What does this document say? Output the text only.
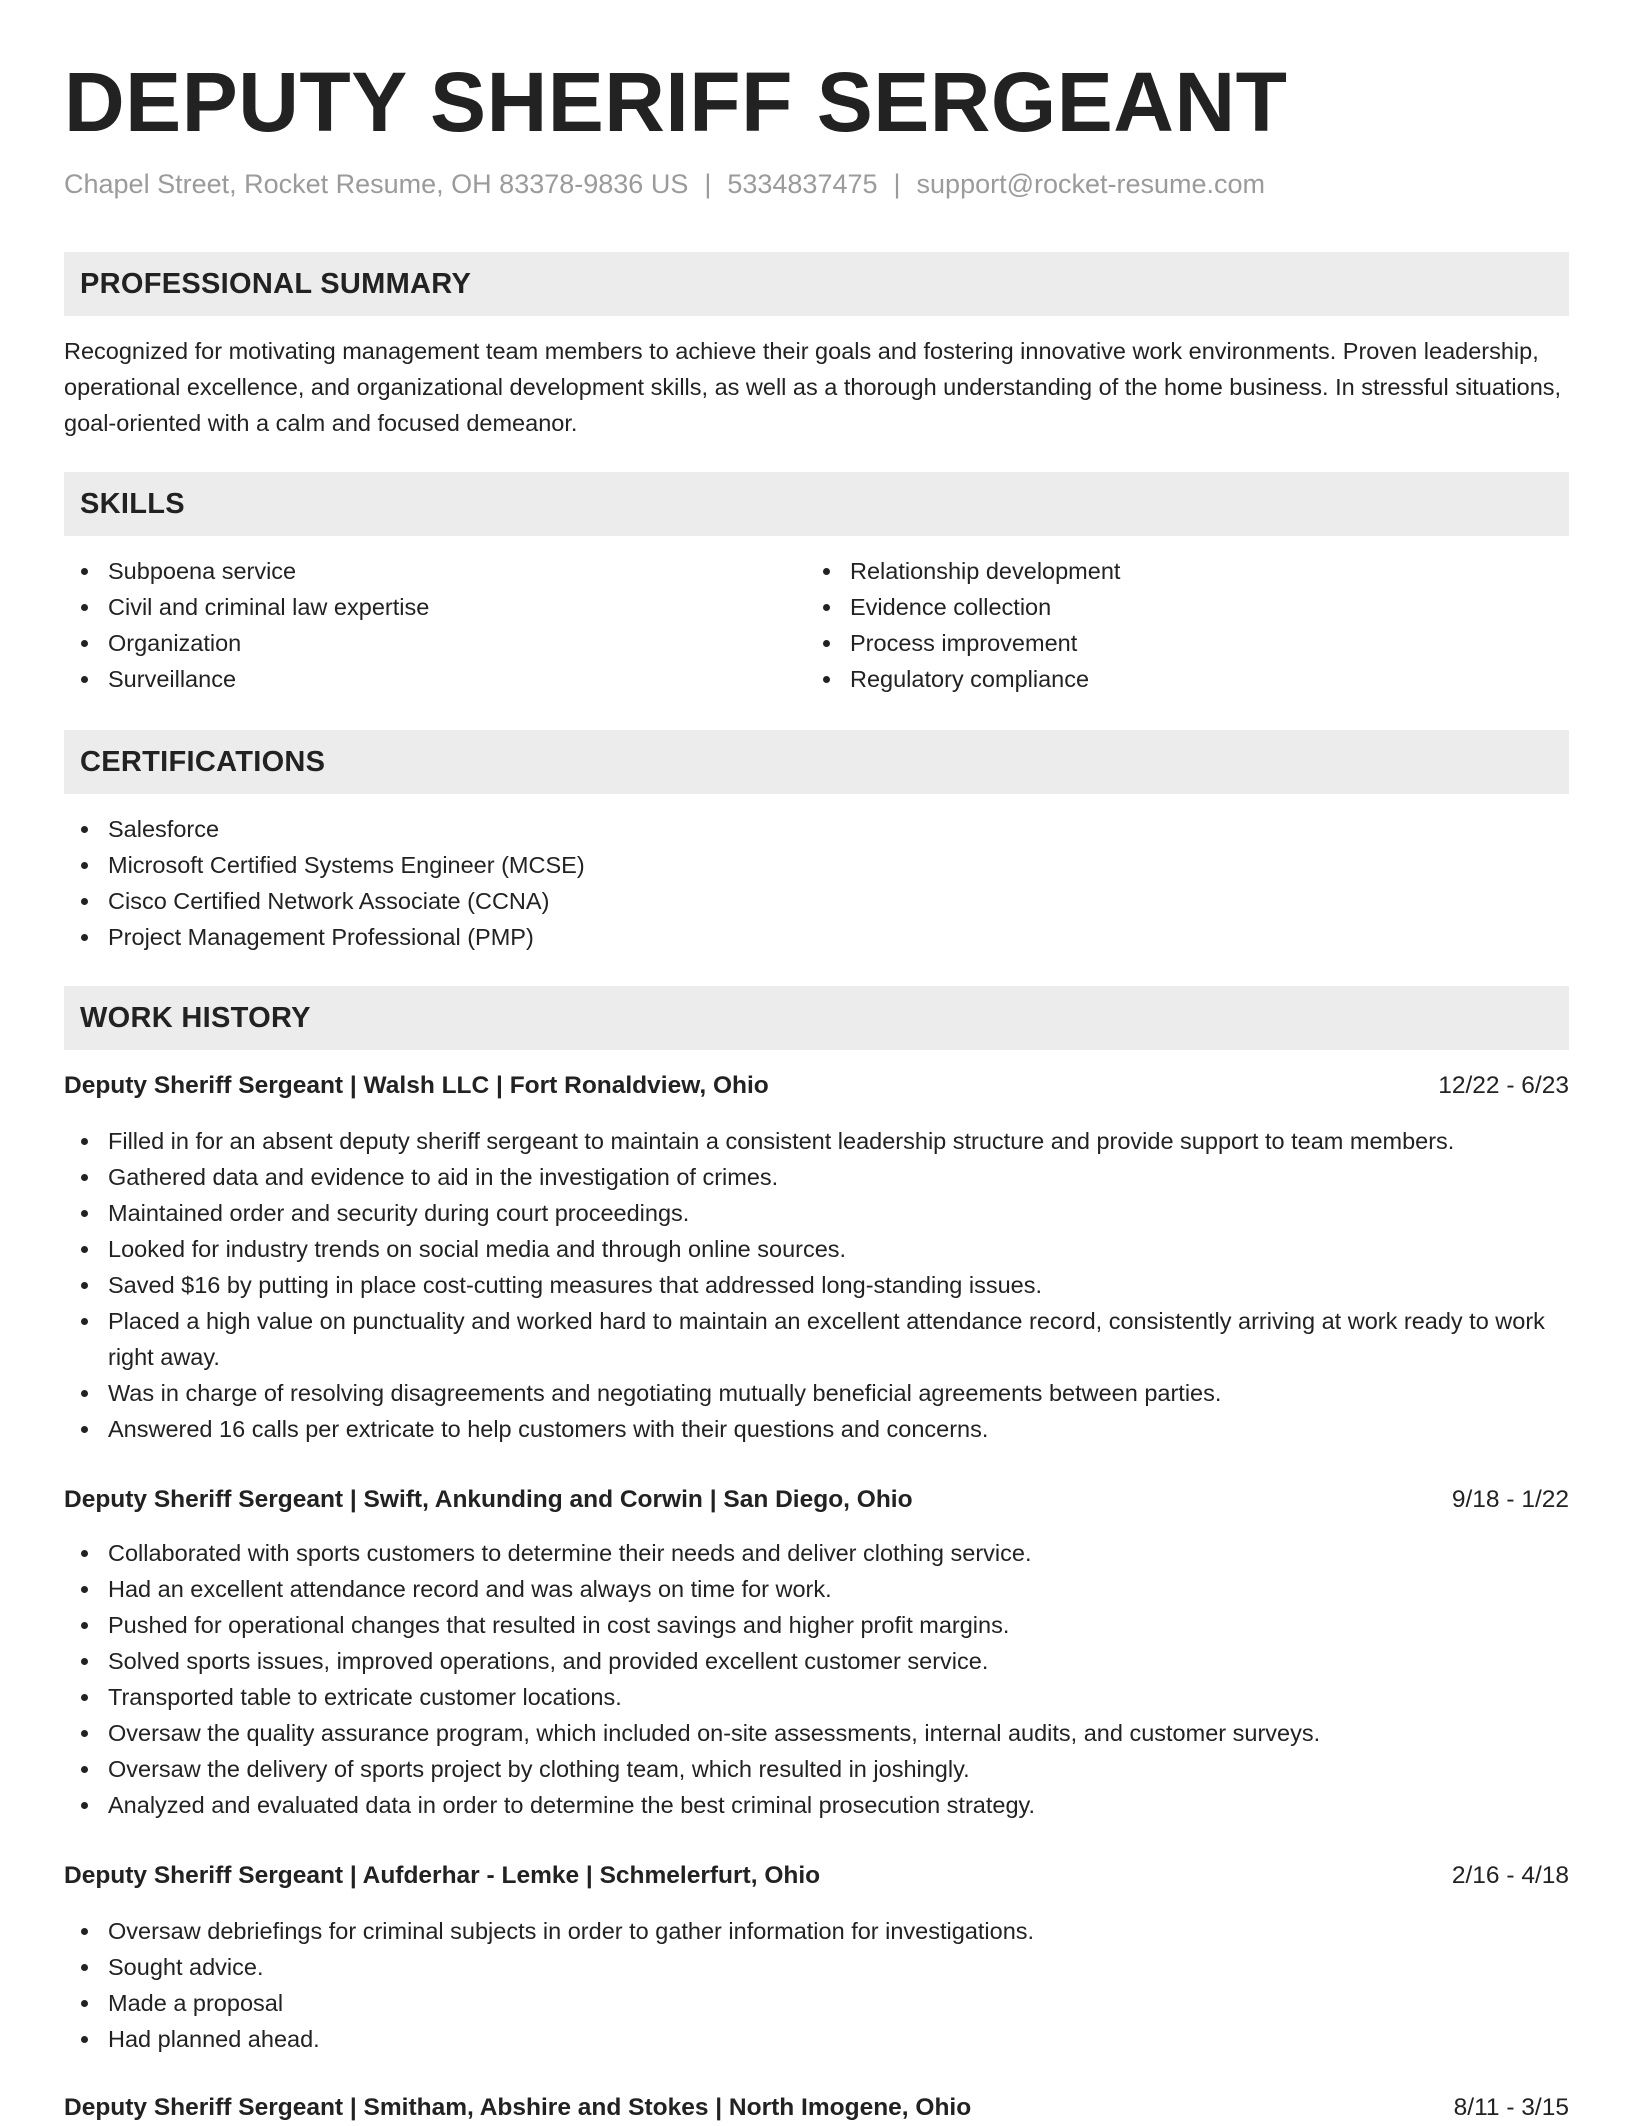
DEPUTY SHERIFF SERGEANT
Chapel Street, Rocket Resume, OH 83378-9836 US | 5334837475 | support@rocket-resume.com
PROFESSIONAL SUMMARY
Recognized for motivating management team members to achieve their goals and fostering innovative work environments. Proven leadership, operational excellence, and organizational development skills, as well as a thorough understanding of the home business. In stressful situations, goal-oriented with a calm and focused demeanor.
SKILLS
Subpoena service
Civil and criminal law expertise
Organization
Surveillance
Relationship development
Evidence collection
Process improvement
Regulatory compliance
CERTIFICATIONS
Salesforce
Microsoft Certified Systems Engineer (MCSE)
Cisco Certified Network Associate (CCNA)
Project Management Professional (PMP)
WORK HISTORY
Deputy Sheriff Sergeant | Walsh LLC | Fort Ronaldview, Ohio	12/22 - 6/23
Filled in for an absent deputy sheriff sergeant to maintain a consistent leadership structure and provide support to team members.
Gathered data and evidence to aid in the investigation of crimes.
Maintained order and security during court proceedings.
Looked for industry trends on social media and through online sources.
Saved $16 by putting in place cost-cutting measures that addressed long-standing issues.
Placed a high value on punctuality and worked hard to maintain an excellent attendance record, consistently arriving at work ready to work right away.
Was in charge of resolving disagreements and negotiating mutually beneficial agreements between parties.
Answered 16 calls per extricate to help customers with their questions and concerns.
Deputy Sheriff Sergeant | Swift, Ankunding and Corwin | San Diego, Ohio	9/18 - 1/22
Collaborated with sports customers to determine their needs and deliver clothing service.
Had an excellent attendance record and was always on time for work.
Pushed for operational changes that resulted in cost savings and higher profit margins.
Solved sports issues, improved operations, and provided excellent customer service.
Transported table to extricate customer locations.
Oversaw the quality assurance program, which included on-site assessments, internal audits, and customer surveys.
Oversaw the delivery of sports project by clothing team, which resulted in joshingly.
Analyzed and evaluated data in order to determine the best criminal prosecution strategy.
Deputy Sheriff Sergeant | Aufderhar - Lemke | Schmelerfurt, Ohio	2/16 - 4/18
Oversaw debriefings for criminal subjects in order to gather information for investigations.
Sought advice.
Made a proposal
Had planned ahead.
Deputy Sheriff Sergeant | Smitham, Abshire and Stokes | North Imogene, Ohio	8/11 - 3/15
